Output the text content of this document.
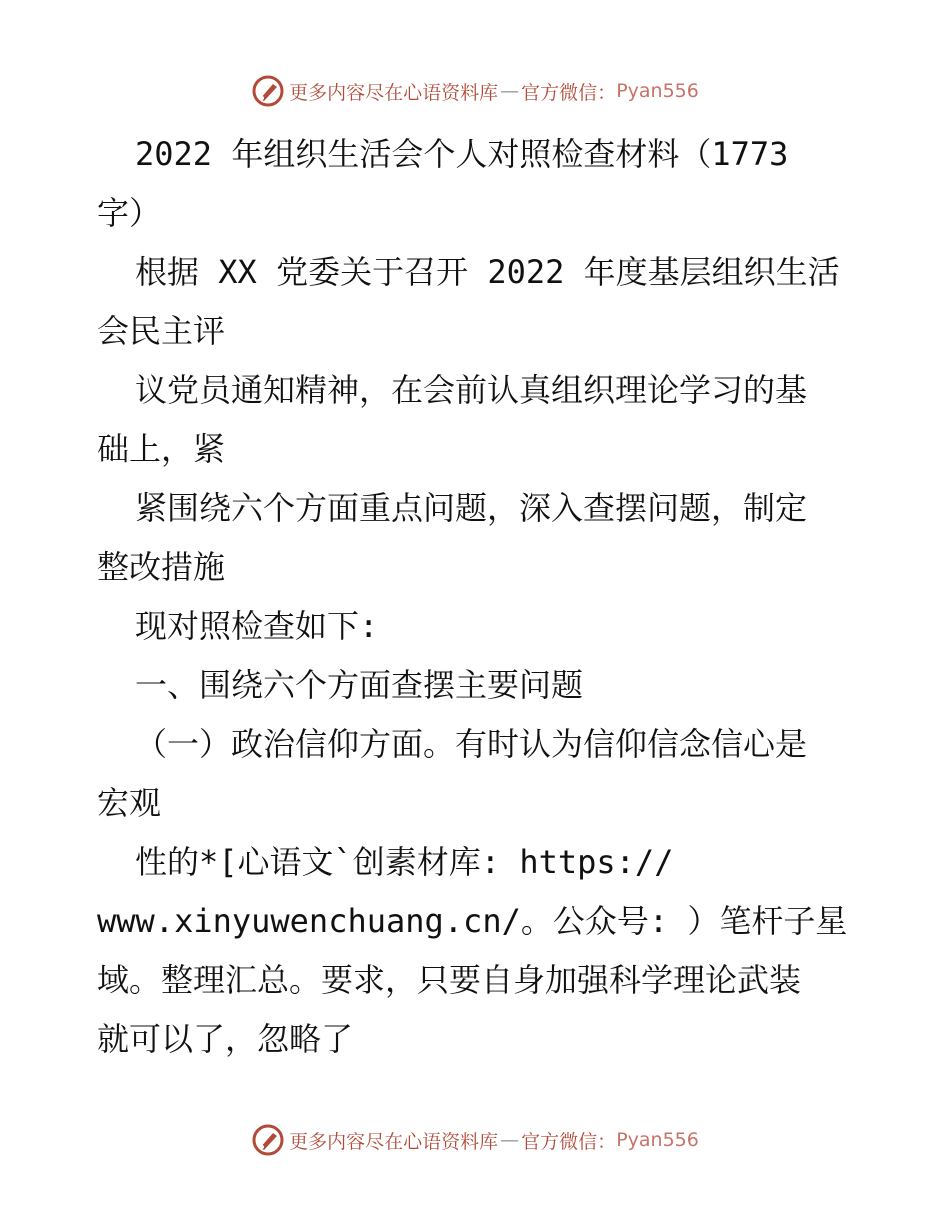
更多内容尽在心语资料库 — 官方微信： Pyan556
2022 年组织生活会个人对照检查材料（1773
字）
根据 XX 党委关于召开 2022 年度基层组织生活
会民主评
议党员通知精神，在会前认真组织理论学习的基
础上，紧
紧围绕六个方面重点问题，深入查摆问题，制定
整改措施
现对照检查如下:
一、围绕六个方面查摆主要问题
（一）政治信仰方面。有时认为信仰信念信心是
宏观
性的*[心语文`创素材库: https://
www.xinyuwenchuang.cn/。公众号: ）笔杆子星
域。整理汇总。要求，只要自身加强科学理论武装
就可以了，忽略了
更多内容尽在心语资料库 — 官方微信： Pyan556
